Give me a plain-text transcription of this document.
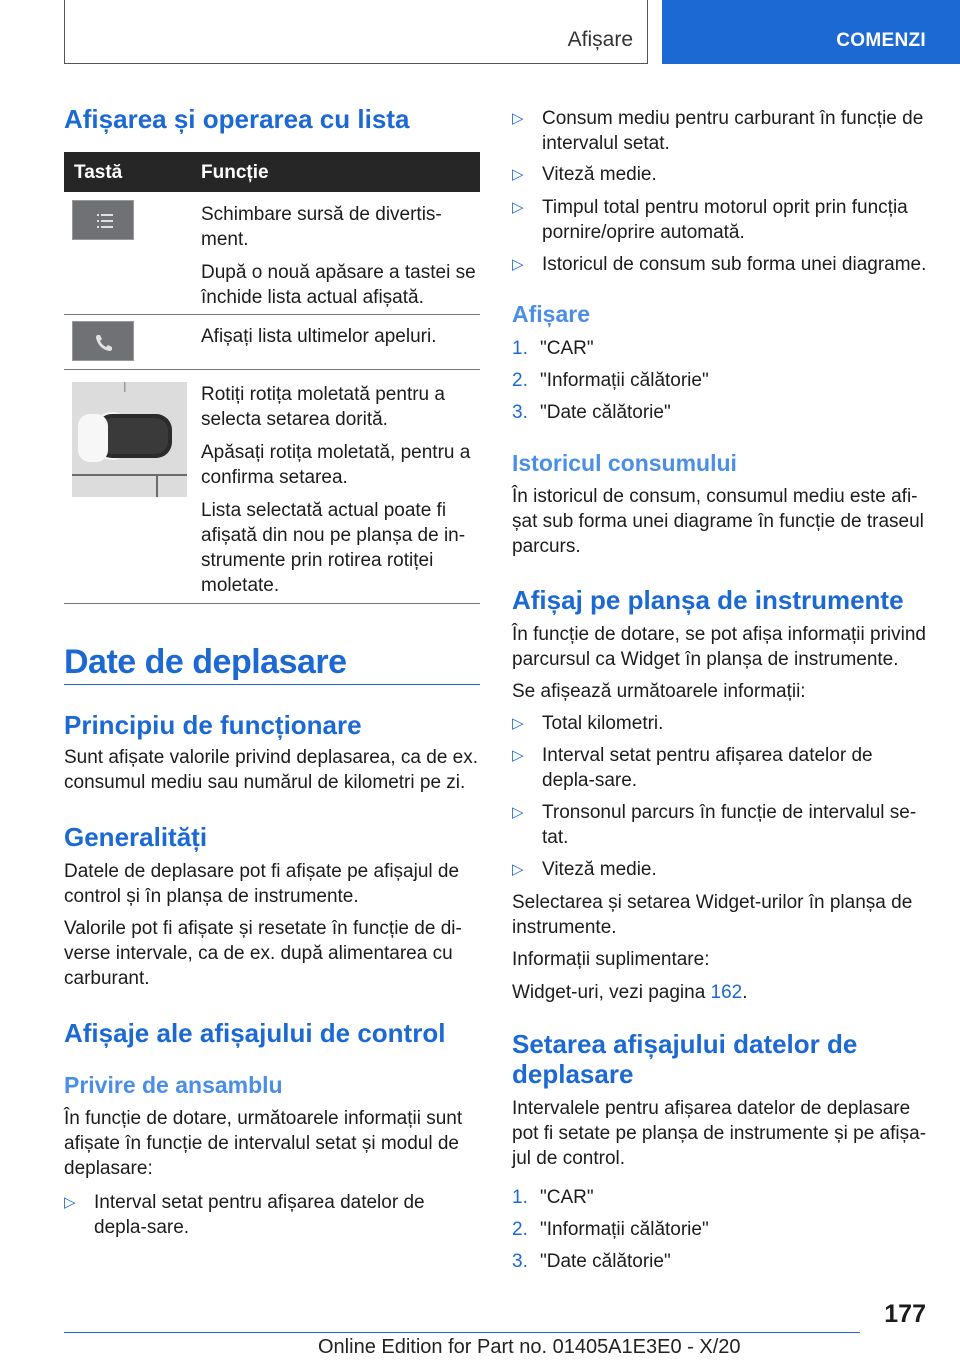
Afișare	COMENZI
Afișarea și operarea cu lista
Tastă	Funcție

Schimbare sursă de divertis-ment.

După o nouă apăsare a tastei se închide lista actual afișată.

Afișați lista ultimelor apeluri.

Rotiți rotița moletată pentru a selecta setarea dorită.

Apăsați rotița moletată, pentru a confirma setarea.

Lista selectată actual poate fi afișată din nou pe planșa de in-strumente prin rotirea rotiței moletate.

Date de deplasare
Principiu de funcționare

Sunt afișate valorile privind deplasarea, ca de ex. consumul mediu sau numărul de kilometri pe zi.

Generalități

Datele de deplasare pot fi afișate pe afișajul de control și în planșa de instrumente.

Valorile pot fi afișate și resetate în funcție de di-verse intervale, ca de ex. după alimentarea cu carburant.

Afișaje ale afișajului de control
Privire de ansamblu

În funcție de dotare, următoarele informații sunt afișate în funcție de intervalul setat și modul de deplasare:

▷ Interval setat pentru afișarea datelor de depla-sare.
▷ Consum mediu pentru carburant în funcție de intervalul setat.
▷ Viteză medie.
▷ Timpul total pentru motorul oprit prin funcția pornire/oprire automată.
▷ Istoricul de consum sub forma unei diagrame.
Afișare
1. "CAR"
2. "Informații călătorie"
3. "Date călătorie"
Istoricul consumului

În istoricul de consum, consumul mediu este afi-șat sub forma unei diagrame în funcție de traseul parcurs.

Afișaj pe planșa de instrumente

În funcție de dotare, se pot afișa informații privind parcursul ca Widget în planșa de instrumente.

Se afișează următoarele informații:

▷ Total kilometri.
▷ Interval setat pentru afișarea datelor de depla-sare.
▷ Tronsonul parcurs în funcție de intervalul se-tat.
▷ Viteză medie.

Selectarea și setarea Widget-urilor în planșa de instrumente.

Informații suplimentare:

Widget-uri, vezi pagina 162.

Setarea afișajului datelor de deplasare

Intervalele pentru afișarea datelor de deplasare pot fi setate pe planșa de instrumente și pe afișa-jul de control.

1. "CAR"
2. "Informații călătorie"
3. "Date călătorie"
177
Online Edition for Part no. 01405A1E3E0 - X/20
